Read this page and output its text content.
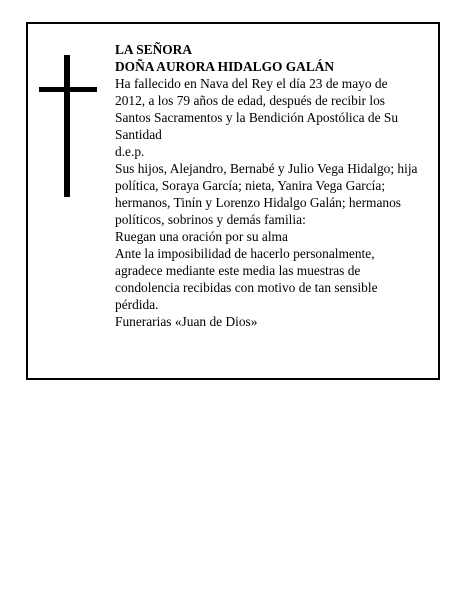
LA SEÑORA

DOÑA AURORA HIDALGO GALÁN

Ha fallecido en Nava del Rey el día 23 de mayo de 2012, a los 79 años de edad, después de recibir los Santos Sacramentos y la Bendición Apostólica de Su Santidad

d.e.p.

Sus hijos, Alejandro, Bernabé y Julio Vega Hidalgo; hija política, Soraya García; nieta, Yanira Vega García; hermanos, Tinín y Lorenzo Hidalgo Galán; hermanos políticos, sobrinos y demás familia:

Ruegan una oración por su alma

Ante la imposibilidad de hacerlo personalmente, agradece mediante este media las muestras de condolencia recibidas con motivo de tan sensible pérdida.

Funerarias «Juan de Dios»
